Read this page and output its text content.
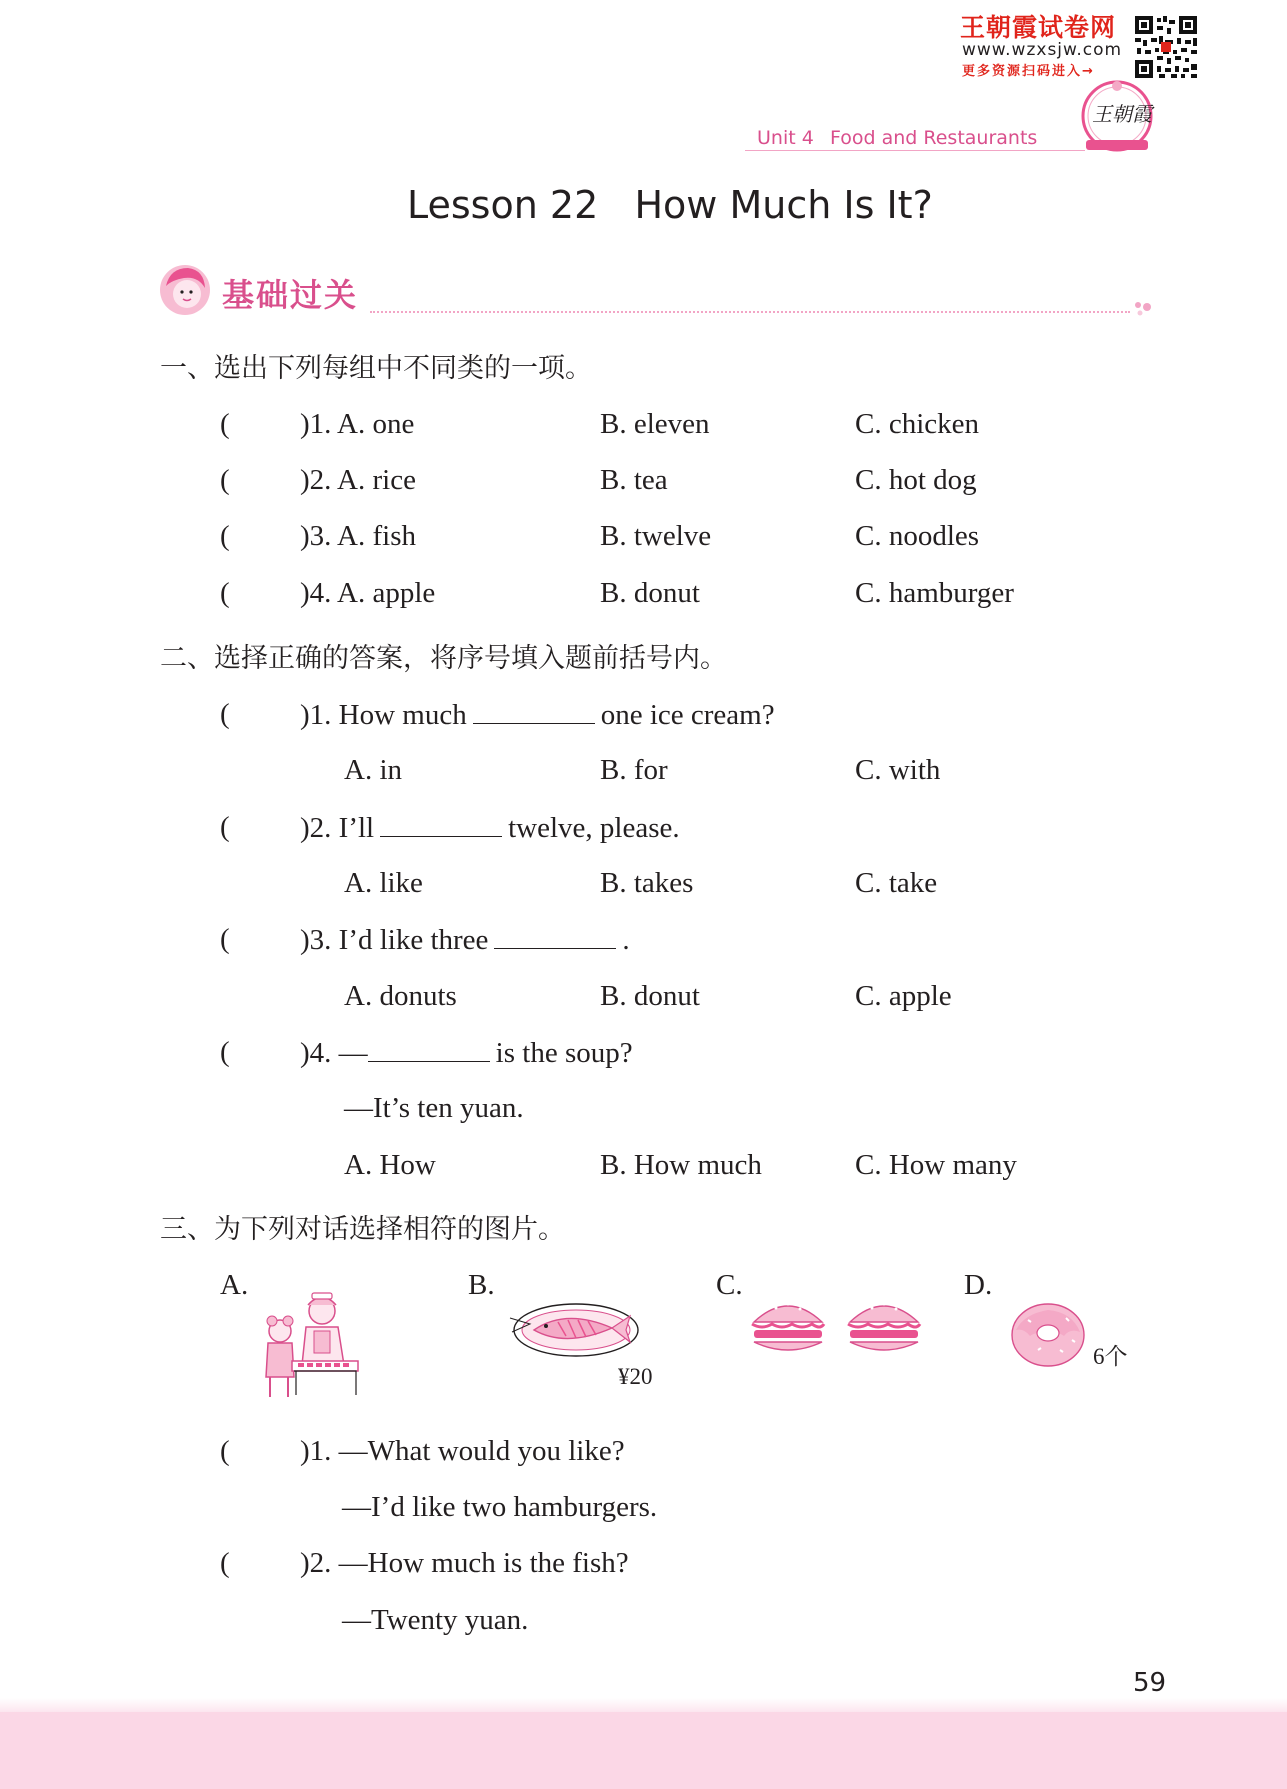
王朝霞试卷网
www.wzxsjw.com
更多资源扫码进入→
王朝霞
Unit 4 Food and Restaurants
Lesson 22   How Much Is It?
基础过关
一、选出下列每组中不同类的一项。
( )1. A. one	B. eleven	C. chicken
( )2. A. rice	B. tea	C. hot dog
( )3. A. fish	B. twelve	C. noodles
( )4. A. apple	B. donut	C. hamburger
二、选择正确的答案，将序号填入题前括号内。
( )1. How much	one ice cream?
A. in	B. for	C. with
( )2. I’ll	twelve, please.
A. like	B. takes	C. take
( )3. I’d like three	.
A. donuts	B. donut	C. apple
( )4. —	is the soup?
—It’s ten yuan.
A. How	B. How much	C. How many
三、为下列对话选择相符的图片。
A.	B.	C.	D.
¥20
6个
( )1. —What would you like?
—I’d like two hamburgers.
( )2. —How much is the fish?
—Twenty yuan.
59
